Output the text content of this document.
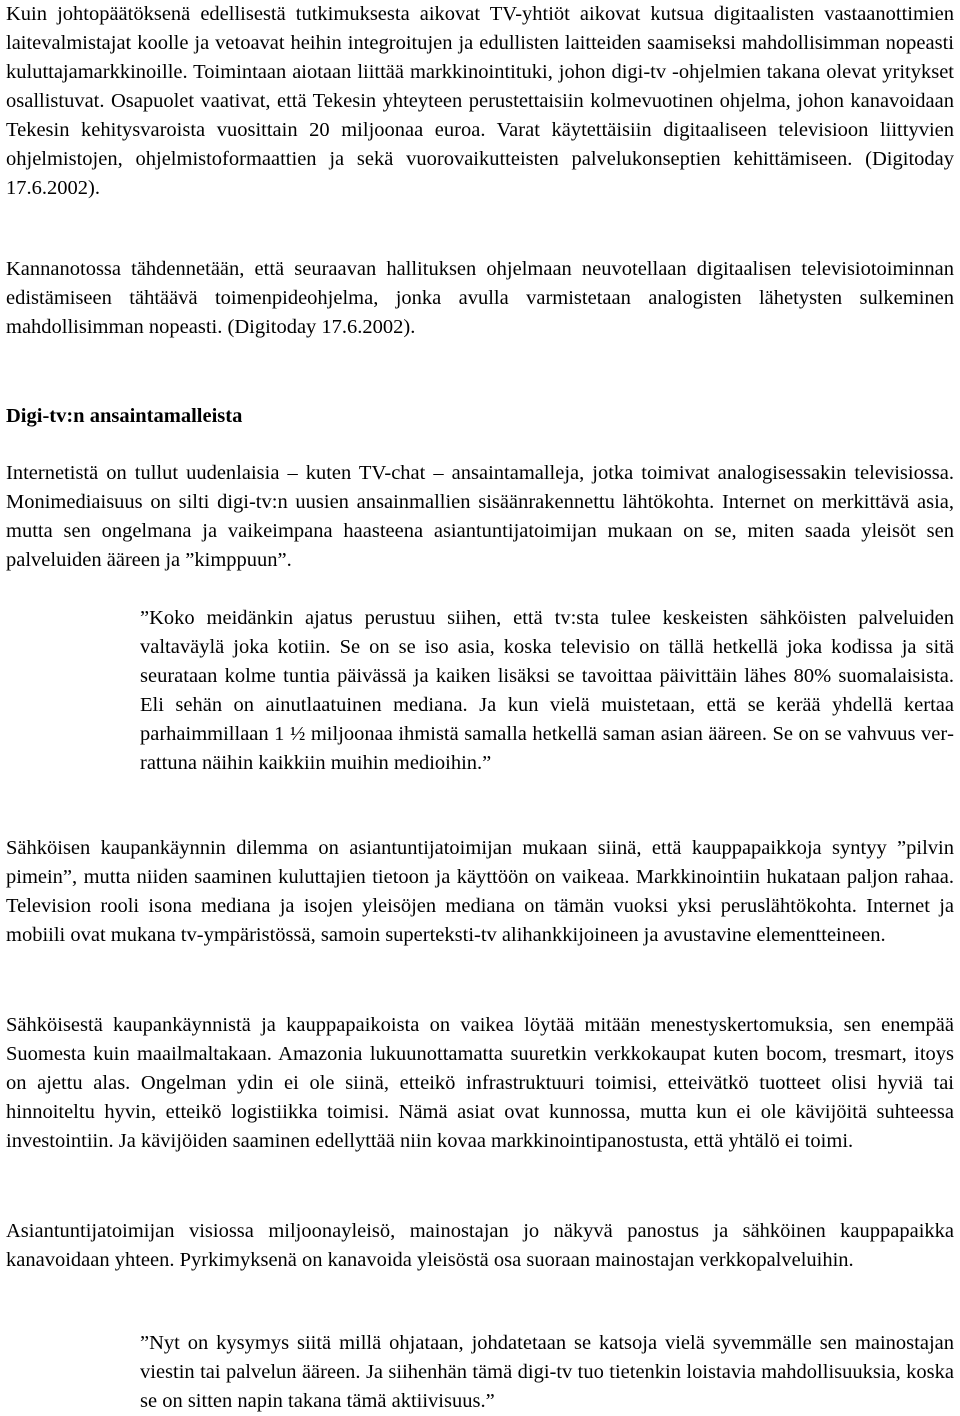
Kuin johtopäätöksenä edellisestä tutkimuksesta aikovat TV-yhtiöt aikovat kutsua digitaalisten vastaanottimien laitevalmistajat koolle ja vetoavat heihin integroitujen ja edullisten laitteiden saamiseksi mahdollisimman nopeasti kuluttajamarkkinoille. Toimintaan aiotaan liittää markkinointituki, johon digi-tv -ohjelmien takana olevat yritykset osallistuvat. Osapuolet vaativat, että Tekesin yhteyteen perustettaisiin kolmevuotinen ohjelma, johon kanavoidaan Tekesin kehitysvaroista vuosittain 20 miljoonaa euroa. Varat käytettäisiin digitaaliseen televisioon liittyvien ohjelmistojen, ohjelmistoformaattien ja sekä vuorovaikutteisten palvelukonseptien kehittämiseen. (Digitoday 17.6.2002).

Kannanotossa tähdennetään, että seuraavan hallituksen ohjelmaan neuvotellaan digitaalisen televisiotoiminnan edistämiseen tähtäävä toimenpideohjelma, jonka avulla varmistetaan analogisten lähetysten sulkeminen mahdollisimman nopeasti. (Digitoday 17.6.2002).

Digi-tv:n ansaintamalleista

Internetistä on tullut uudenlaisia – kuten TV-chat – ansaintamalleja, jotka toimivat analogisessakin televisiossa. Monimediaisuus on silti digi-tv:n uusien ansainmallien sisäänrakennettu lähtökohta. Internet on merkittävä asia, mutta sen ongelmana ja vaikeimpana haasteena asiantuntijatoimijan mukaan on se, miten saada yleisöt sen palveluiden ääreen ja ”kimppuun”.

”Koko meidänkin ajatus perustuu siihen, että tv:sta tulee keskeisten sähköisten palveluiden valtaväylä joka kotiin. Se on se iso asia, koska televisio on tällä hetkellä joka kodissa ja sitä seurataan kolme tuntia päivässä ja kaiken lisäksi se tavoittaa päivittäin lähes 80% suomalaisista. Eli sehän on ainutlaatuinen mediana. Ja kun vielä muistetaan, että se kerää yhdellä kertaa parhaimmillaan 1 ½ miljoonaa ihmistä samalla hetkellä saman asian ääreen. Se on se vahvuus verrattuna näihin kaikkiin muihin medioihin.”

Sähköisen kaupankäynnin dilemma on asiantuntijatoimijan mukaan siinä, että kauppapaikkoja syntyy ”pilvin pimein”, mutta niiden saaminen kuluttajien tietoon ja käyttöön on vaikeaa. Markkinointiin hukataan paljon rahaa. Television rooli isona mediana ja isojen yleisöjen mediana on tämän vuoksi yksi peruslähtökohta. Internet ja mobiili ovat mukana tv-ympäristössä, samoin superteksti-tv alihankkijoineen ja avustavine elementteineen.

Sähköisestä kaupankäynnistä ja kauppapaikoista on vaikea löytää mitään menestyskertomuksia, sen enempää Suomesta kuin maailmaltakaan. Amazonia lukuunottamatta suuretkin verkkokaupat kuten bocom, tresmart, itoys on ajettu alas. Ongelman ydin ei ole siinä, etteikö infrastruktuuri toimisi, etteivätkö tuotteet olisi hyviä tai hinnoiteltu hyvin, etteikö logistiikka toimisi. Nämä asiat ovat kunnossa, mutta kun ei ole kävijöitä suhteessa investointiin. Ja kävijöiden saaminen edellyttää niin kovaa markkinointipanostusta, että yhtälö ei toimi.

Asiantuntijatoimijan visiossa miljoonayleisö, mainostajan jo näkyvä panostus ja sähköinen kauppapaikka kanavoidaan yhteen. Pyrkimyksenä on kanavoida yleisöstä osa suoraan mainostajan verkkopalveluihin.

”Nyt on kysymys siitä millä ohjataan, johdatetaan se katsoja vielä syvemmälle sen mainostajan viestin tai palvelun ääreen. Ja siihenhän tämä digi-tv tuo tietenkin loistavia mahdollisuuksia, koska se on sitten napin takana tämä aktiivisuus.”
